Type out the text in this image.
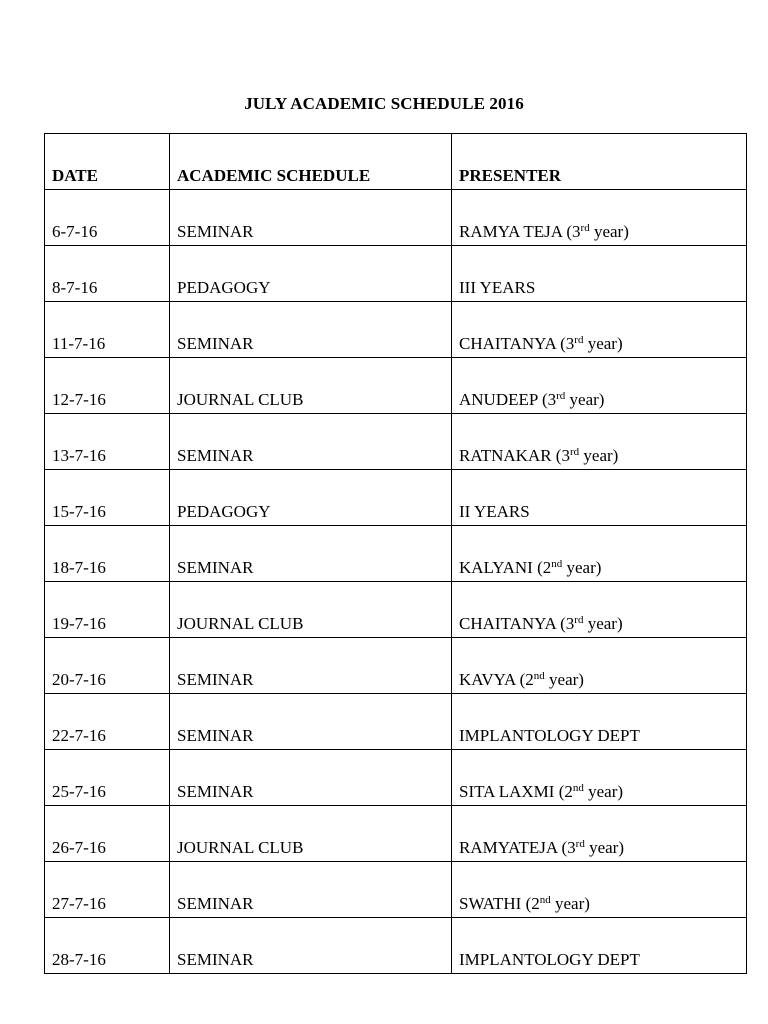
JULY ACADEMIC SCHEDULE 2016
DATE	ACADEMIC SCHEDULE	PRESENTER
6-7-16	SEMINAR	RAMYA TEJA (3rd year)
8-7-16	PEDAGOGY	III YEARS
11-7-16	SEMINAR	CHAITANYA (3rd year)
12-7-16	JOURNAL CLUB	ANUDEEP (3rd year)
13-7-16	SEMINAR	RATNAKAR (3rd year)
15-7-16	PEDAGOGY	II YEARS
18-7-16	SEMINAR	KALYANI (2nd year)
19-7-16	JOURNAL CLUB	CHAITANYA (3rd year)
20-7-16	SEMINAR	KAVYA (2nd year)
22-7-16	SEMINAR	IMPLANTOLOGY DEPT
25-7-16	SEMINAR	SITA LAXMI (2nd year)
26-7-16	JOURNAL CLUB	RAMYATEJA (3rd year)
27-7-16	SEMINAR	SWATHI (2nd year)
28-7-16	SEMINAR	IMPLANTOLOGY DEPT
